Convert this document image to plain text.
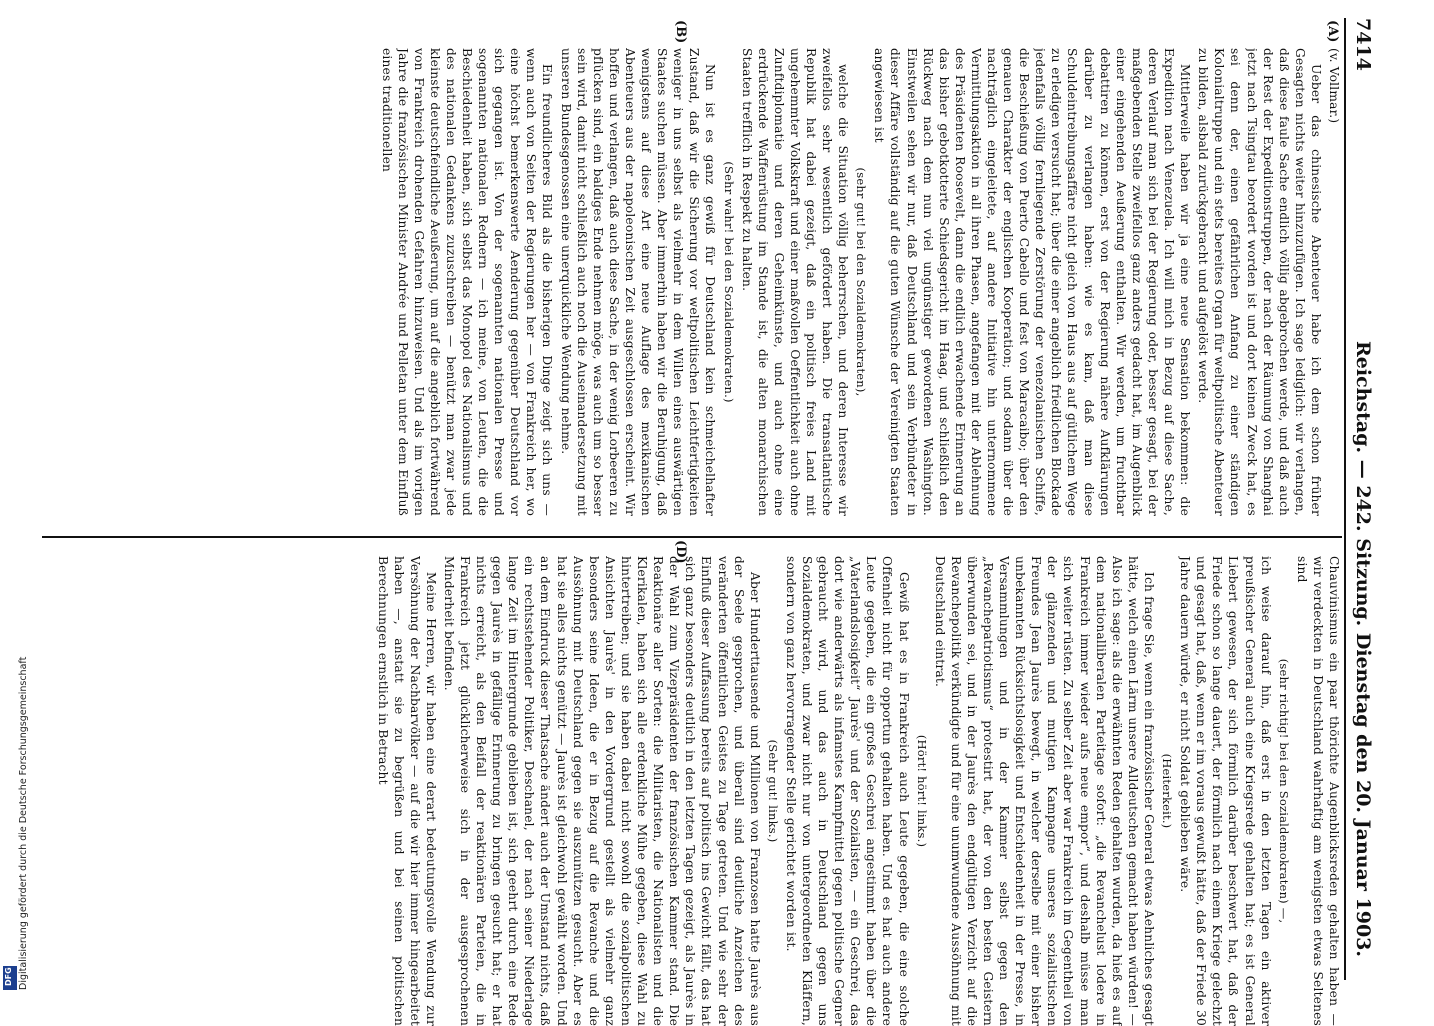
7414
Reichstag. — 242. Sitzung. Dienstag den 20. Januar 1903.
(A)
(B)
(D)

(v. Vollmar.)

Ueber das chinesische Abenteuer habe ich dem schon früher Gesagten nichts weiter hinzuzufügen. Ich sage lediglich: wir verlangen, daß diese faule Sache endlich völlig abgebrochen werde, und daß auch der Rest der Expeditionstruppen, der nach der Räumung von Shanghai jetzt nach Tsingtau beordert worden ist und dort keinen Zweck hat, es sei denn der, einen gefährlichen Anfang zu einer ständigen Kolonialtruppe und ein stets bereites Organ für weltpolitische Abenteuer zu bilden, alsbald zurückgebracht und aufgelöst werde.

Mittlerweile haben wir ja eine neue Sensation bekommen: die Expedition nach Venezuela. Ich will mich in Bezug auf diese Sache, deren Verlauf man sich bei der Regierung oder, besser gesagt, bei der maßgebenden Stelle zweifellos ganz anders gedacht hat, im Augenblick einer eingehenden Aeußerung enthalten. Wir werden, um fruchtbar debattiren zu können, erst von der Regierung nähere Aufklärungen darüber zu verlangen haben: wie es kam, daß man diese Schuldeintreibungsaffäre nicht gleich von Haus aus auf gütlichem Wege zu erledigen versucht hat; über die einer angeblich friedlichen Blockade jedenfalls völlig fernliegende Zerstörung der venezolanischen Schiffe, die Beschießung von Puerto Cabello und fest von Maracaibo; über den genauen Charakter der englischen Kooperation; und sodann über die nachträglich eingeleitete, auf andere Initiative hin unternommene Vermittlungsaktion in all ihren Phasen, angefangen mit der Ablehnung des Präsidenten Roosevelt, dann die endlich erwachende Erinnerung an das bisher gebotkotterte Schiedsgericht im Haag, und schließlich den Rückweg nach dem nun viel ungünstiger gewordenen Washington. Einstweilen sehen wir nur, daß Deutschland und sein Verbündeter in dieser Affäre vollständig auf die guten Wünsche der Vereinigten Staaten angewiesen ist

(sehr gut! bei den Sozialdemokraten),

welche die Situation völlig beherrschen, und deren Interesse wir zweifellos sehr wesentlich gefördert haben. Die transatlantische Republik hat dabei gezeigt, daß ein politisch freies Land mit ungehemmter Volkskraft und einer maßvollen Oeffentlichkeit auch ohne Zunftdiplomatie und deren Geheimkünste, und auch ohne eine erdrückende Waffenrüstung im Stande ist, die alten monarchischen Staaten trefflich in Respekt zu halten.

(Sehr wahr! bei den Sozialdemokraten.)

Nun ist es ganz gewiß für Deutschland kein schmeichelhafter Zustand, daß wir die Sicherung vor weltpolitischen Leichtfertigkeiten weniger in uns selbst als vielmehr in dem Willen eines auswärtigen Staates suchen müssen. Aber immerhin haben wir die Beruhigung, daß wenigstens auf diese Art eine neue Auflage des mexikanischen Abenteuers aus der napoleonischen Zeit ausgeschlossen erscheint. Wir hoffen und verlangen, daß auch diese Sache, in der wenig Lorbeeren zu pflücken sind, ein baldiges Ende nehmen möge, was auch um so besser sein wird, damit nicht schließlich auch noch die Auseinandersetzung mit unseren Bundesgenossen eine unerquickliche Wendung nehme.

Ein freundlicheres Bild als die bisherigen Dinge zeigt sich uns — wenn auch von Seiten der Regierungen her — von Frankreich her, wo eine höchst bemerkenswerte Aenderung gegenüber Deutschland vor sich gegangen ist. Von der sogenannten nationalen Presse und sogenannten nationalen Rednern — ich meine, von Leuten, die die Beschiedenheit haben, sich selbst das Monopol des Nationalismus und des nationalen Gedankens zuzuschreiben — benützt man zwar jede kleinste deutschfeindliche Aeußerung, um auf die angeblich fortwährend von Frankreich drohenden Gefahren hinzuweisen. Und als im vorigen Jahre die französischen Minister Andrée und Pelletan unter dem Einfluß eines traditionellen

Chauvinismus ein paar thörichte Augenblicksreden gehalten haben — wir verdeckten in Deutschland wahrhaftig am wenigsten etwas Seltenes sind

(sehr richtig! bei den Sozialdemokraten) —,

ich weise darauf hin, daß erst in den letzten Tagen ein aktiver preußischer General auch eine Kriegsrede gehalten hat; es ist General Liebert gewesen, der sich förmlich darüber beschwert hat, daß der Friede schon so lange dauert, der förmlich nach einem Kriege gelechzt und gesagt hat, daß, wenn er im voraus gewußt hätte, daß der Friede 30 Jahre dauern würde, er nicht Soldat geblieben wäre.

(Heiterkeit.)

Ich frage Sie, wenn ein französischer General etwas Aehnliches gesagt hätte, welch einen Lärm unsere Alldeutschen gemacht haben würden! — Also ich sage: als die erwähnten Reden gehalten wurden, da hieß es auf dem nationalliberalen Parteitage sofort: „die Revanchelust lodere in Frankreich immer wieder aufs neue empor“, und deshalb müsse man sich weiter rüsten. Zu selber Zeit aber war Frankreich im Gegentheil von der glänzenden und mutigen Kampagne unseres sozialistischen Freundes Jean Jaurès bewegt, in welcher derselbe mit einer bisher unbekannten Rücksichtslosigkeit und Entschiedenheit in der Presse, in Versammlungen und in der Kammer selbst gegen den „Revanchepatriotismus“ protestirt hat, der von den besten Geistern überwunden sei, und in der Jaurès den endgültigen Verzicht auf die Revanchepolitik verkündigte und für eine unumwundene Aussöhnung mit Deutschland eintrat.

(Hört! hört! links.)

Gewiß hat es in Frankreich auch Leute gegeben, die eine solche Offenheit nicht für opportun gehalten haben. Und es hat auch andere Leute gegeben, die ein großes Geschrei angestimmt haben über die „Vaterlandslosigkeit“ Jaurès' und der Sozialisten, — ein Geschrei, das dort wie anderwärts als infamstes Kampfmittel gegen politische Gegner gebraucht wird, und das auch in Deutschland gegen uns Sozialdemokraten, und zwar nicht nur von untergeordneten Kläffern, sondern von ganz hervorragender Stelle gerichtet worden ist.

(Sehr gut! links.)

Aber Hunderttausende und Millionen von Franzosen hatte Jaurès aus der Seele gesprochen, und überall sind deutliche Anzeichen des veränderten öffentlichen Geistes zu Tage getreten. Und wie sehr der Einfluß dieser Auffassung bereits auf politisch ins Gewicht fällt, das hat sich ganz besonders deutlich in den letzten Tagen gezeigt, als Jaurès in der Wahl zum Vizepräsidenten der französischen Kammer stand. Die Reaktionäre aller Sorten: die Militaristen, die Nationalisten und die Klerikalen, haben sich alle erdenkliche Mühe gegeben, diese Wahl zu hintertreiben; und sie haben dabei nicht sowohl die sozialpolitischen Ansichten Jaurès' in den Vordergrund gestellt als vielmehr ganz besonders seine Ideen, die er in Bezug auf die Revanche und die Aussöhnung mit Deutschland gegen sie auszunützen gesucht. Aber es hat sie alles nichts genützt — Jaurès ist gleichwohl gewählt worden. Und an dem Eindruck dieser Thatsache ändert auch der Umstand nichts, daß ein rechtsstehender Politiker, Deschanel, der nach seiner Niederlage lange Zeit im Hintergrunde geblieben ist, sich geehrt durch eine Rede gegen Jaurès in gefällige Erinnerung zu bringen gesucht hat; er hat nichts erreicht, als den Beifall der reaktionären Parteien, die in Frankreich jetzt glücklicherweise sich in der ausgesprochenen Minderheit befinden.

Meine Herren, wir haben eine derart bedeutungsvolle Wendung zur Versöhnung der Nachbarvölker — auf die wir hier immer hingearbeitet haben —, anstatt sie zu begrüßen und bei seinen politischen Berechnungen ernstlich in Betracht

Digitalisierung gefördert durch die Deutsche Forschungsgemeinschaft
DFG
